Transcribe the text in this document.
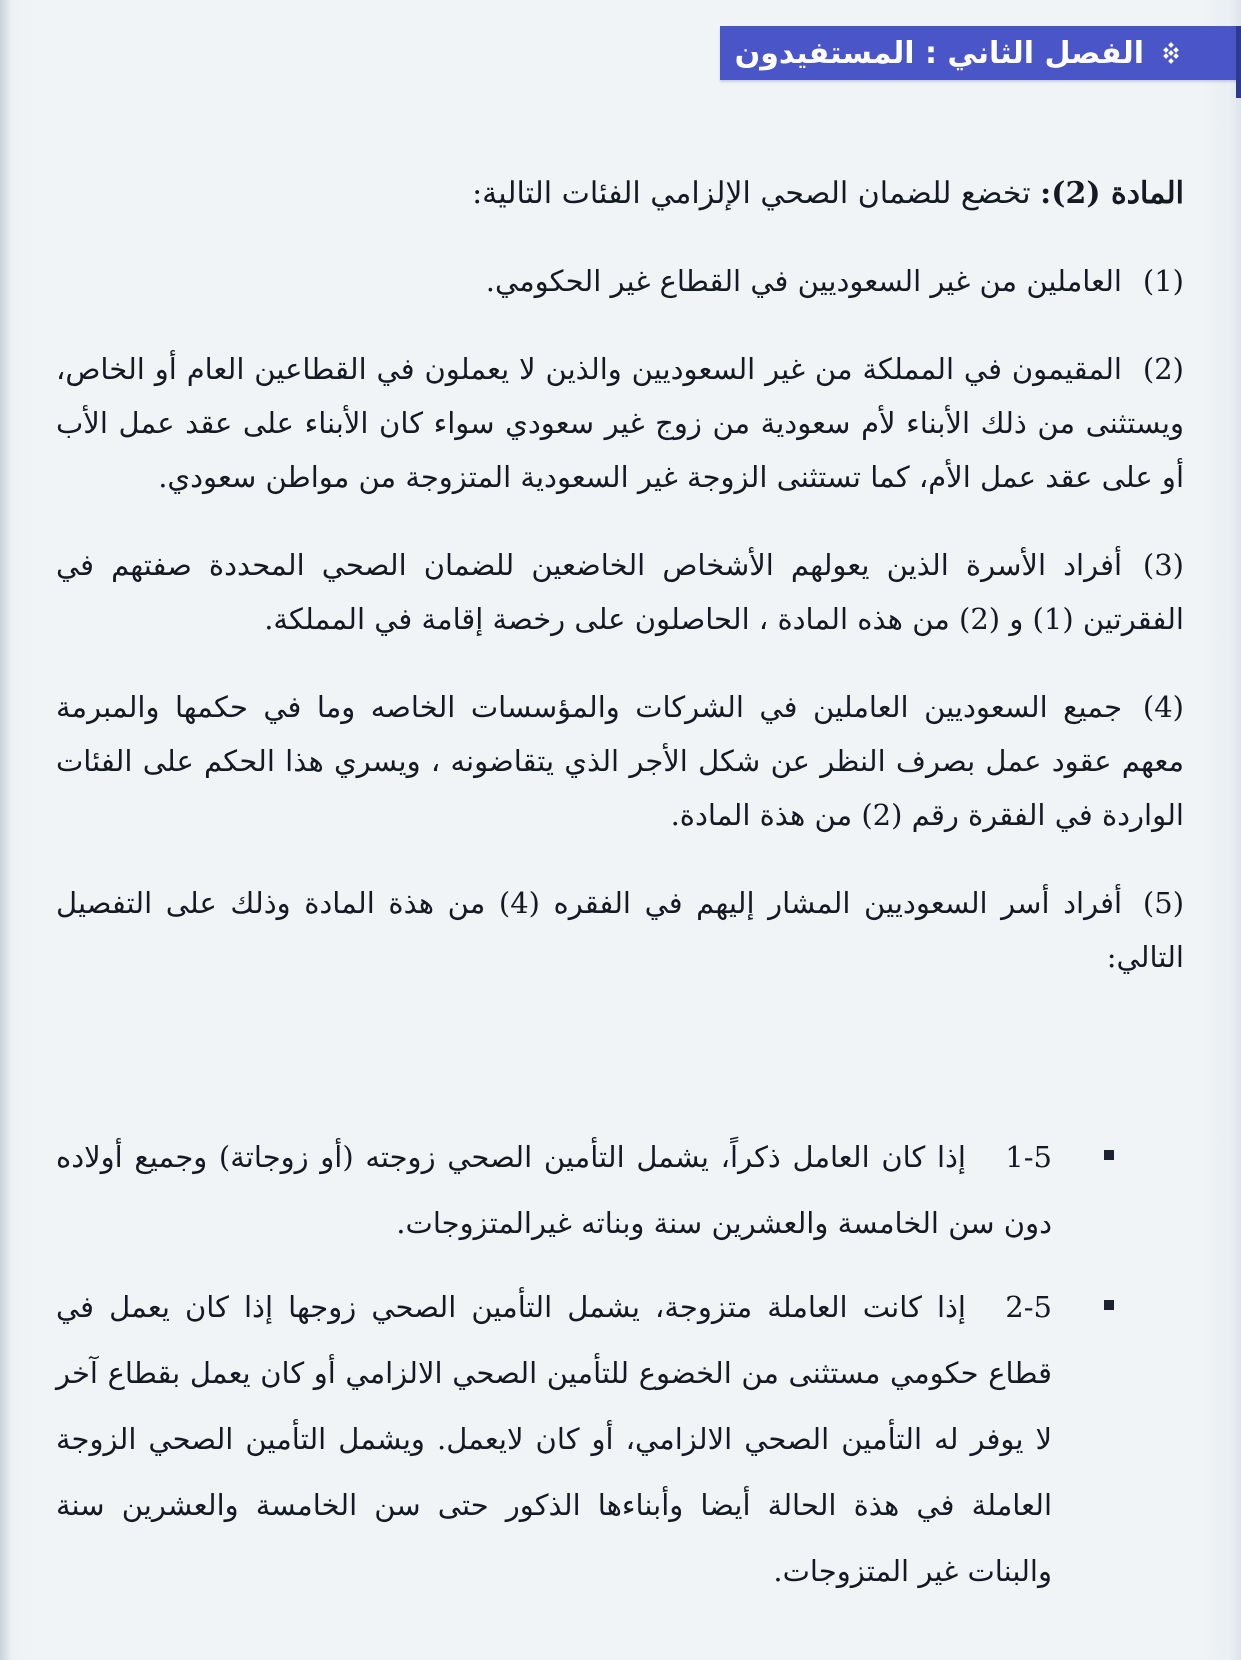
الفصل الثاني : المستفيدون

المادة (2): تخضع للضمان الصحي الإلزامي الفئات التالية:

(1)العاملين من غير السعوديين في القطاع غير الحكومي.

(2)المقيمون في المملكة من غير السعوديين والذين لا يعملون في القطاعين العام أو الخاص، ويستثنى من ذلك الأبناء لأم سعودية من زوج غير سعودي سواء كان الأبناء على عقد عمل الأب أو على عقد عمل الأم، كما تستثنى الزوجة غير السعودية المتزوجة من مواطن سعودي.

(3)أفراد الأسرة الذين يعولهم الأشخاص الخاضعين للضمان الصحي المحددة صفتهم في الفقرتين (1) و (2) من هذه المادة ، الحاصلون على رخصة إقامة في المملكة.

(4)جميع السعوديين العاملين في الشركات والمؤسسات الخاصه وما في حكمها والمبرمة معهم عقود عمل بصرف النظر عن شكل الأجر الذي يتقاضونه ، ويسري هذا الحكم على الفئات الواردة في الفقرة رقم (2) من هذة المادة.

(5)أفراد أسر السعوديين المشار إليهم في الفقره (4) من هذة المادة وذلك على التفصيل التالي:

1-5إذا كان العامل ذكراً، يشمل التأمين الصحي زوجته (أو زوجاتة) وجميع أولاده دون سن الخامسة والعشرين سنة وبناته غيرالمتزوجات.
2-5إذا كانت العاملة متزوجة، يشمل التأمين الصحي زوجها إذا كان يعمل في قطاع حكومي مستثنى من الخضوع للتأمين الصحي الالزامي أو كان يعمل بقطاع آخر لا يوفر له التأمين الصحي الالزامي، أو كان لايعمل. ويشمل التأمين الصحي الزوجة العاملة في هذة الحالة أيضا وأبناءها الذكور حتى سن الخامسة والعشرين سنة والبنات غير المتزوجات.
